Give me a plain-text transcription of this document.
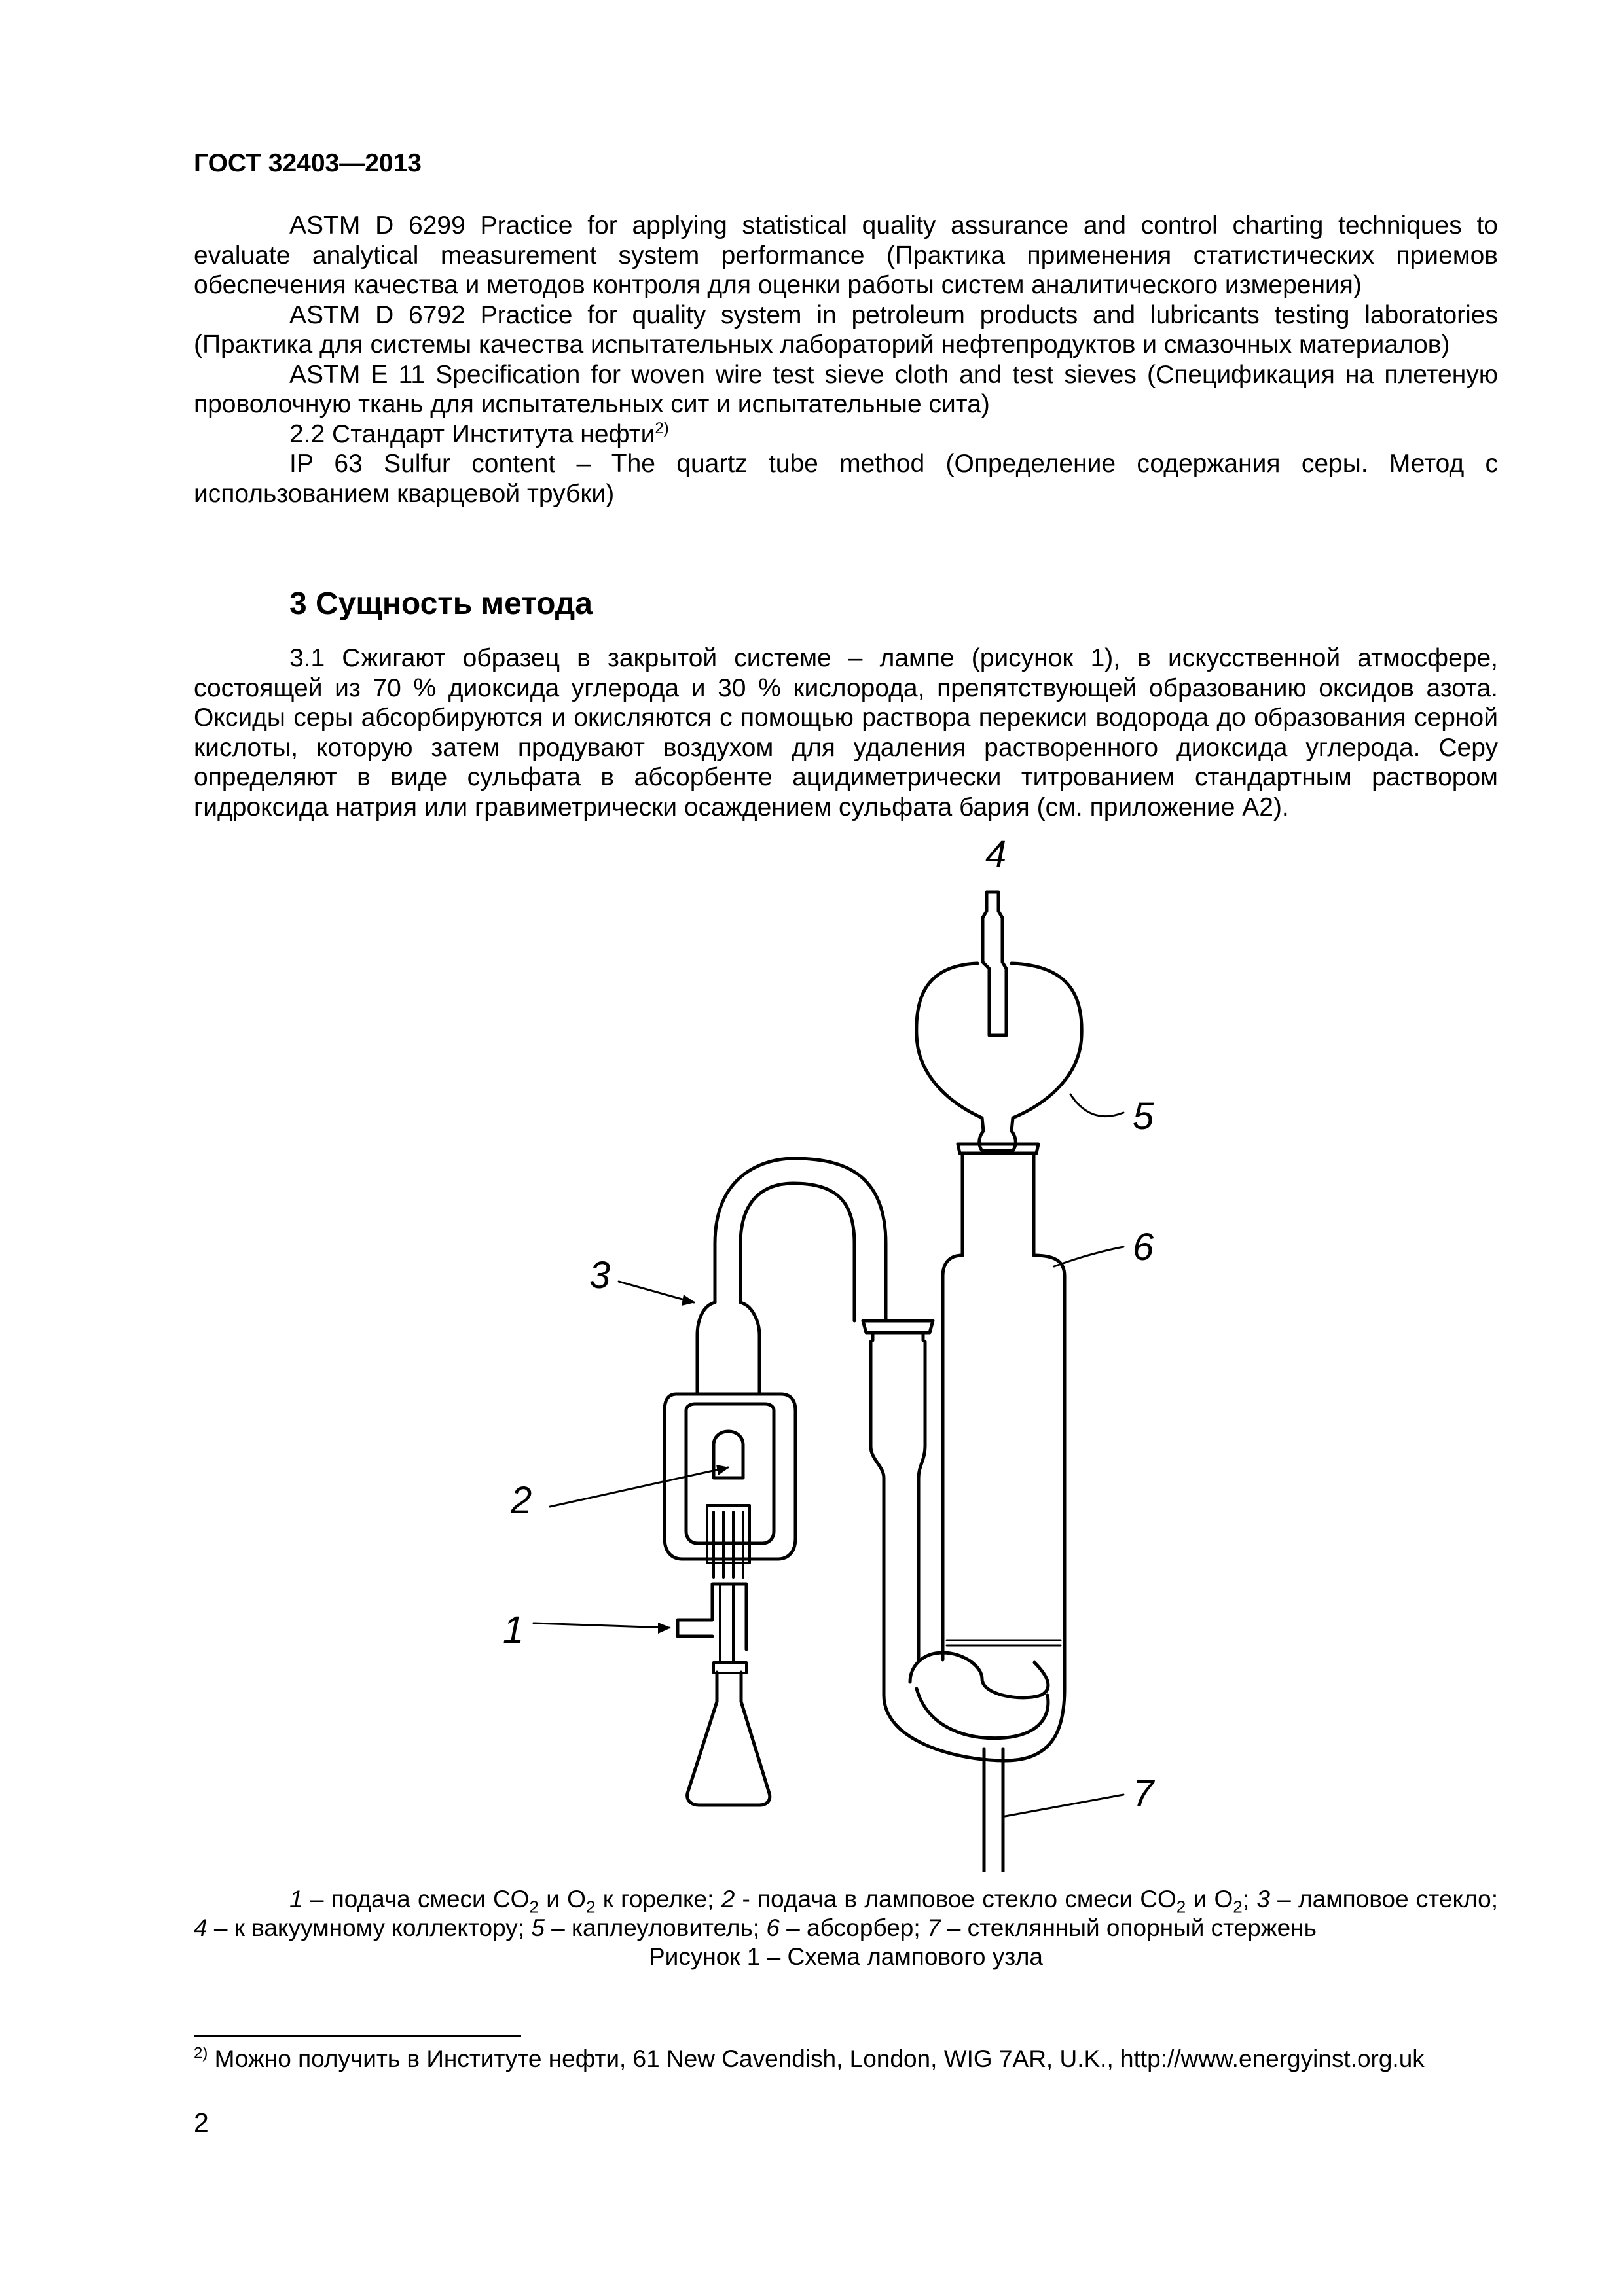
ГОСТ 32403—2013

ASTM D 6299 Practice for applying statistical quality assurance and control charting techniques to evaluate analytical measurement system performance (Практика применения статистических приемов обеспечения качества и методов контроля для оценки работы систем аналитического измерения)

ASTM D 6792 Practice for quality system in petroleum products and lubricants testing laboratories (Практика для системы качества испытательных лабораторий нефтепродуктов и смазочных материалов)

ASTM E 11 Specification for woven wire test sieve cloth and test sieves (Спецификация на плетеную проволочную ткань для испытательных сит и испытательные сита)

2.2 Стандарт Института нефти$^{2)}$

IP 63 Sulfur content – The quartz tube method (Определение содержания серы. Метод с использованием кварцевой трубки)

3 Сущность метода

3.1 Сжигают образец в закрытой системе – лампе (рисунок 1), в искусственной атмосфере, состоящей из 70 % диоксида углерода и 30 % кислорода, препятствующей образованию оксидов азота. Оксиды серы абсорбируются и окисляются с помощью раствора перекиси водорода до образования серной кислоты, которую затем продувают воздухом для удаления растворенного диоксида углерода. Серу определяют в виде сульфата в абсорбенте ацидиметрически титрованием стандартным раствором гидроксида натрия или гравиметрически осаждением сульфата бария (см. приложение А2).

4
5
6
3
2
1
7

1 – подача смеси $CO_2$ и $O_2$ к горелке; 2 - подача в ламповое стекло смеси $CO_2$ и $O_2$; 3 – ламповое стекло; 4 – к вакуумному коллектору; 5 – каплеуловитель; 6 – абсорбер; 7 – стеклянный опорный стержень

Рисунок 1 – Схема лампового узла

$^{2)}$ Можно получить в Институте нефти, 61 New Cavendish, London, WIG 7AR, U.K., http://www.energyinst.org.uk
2
